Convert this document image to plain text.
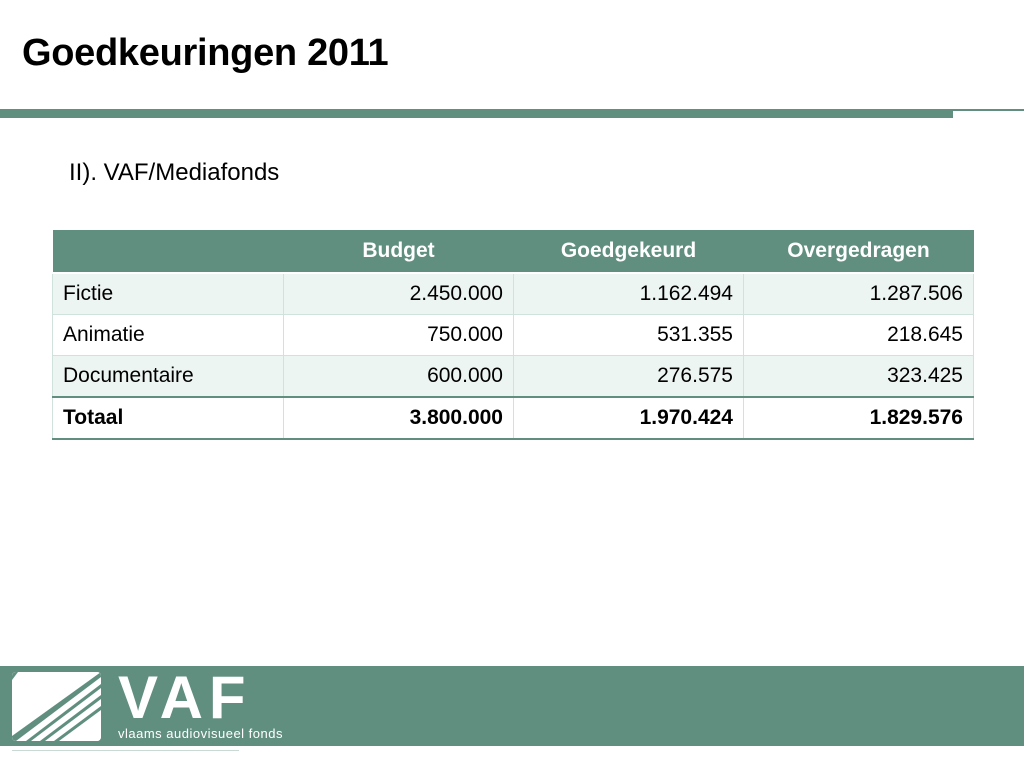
Goedkeuringen 2011
II). VAF/Mediafonds
	Budget	Goedgekeurd	Overgedragen
Fictie	2.450.000	1.162.494	1.287.506
Animatie	750.000	531.355	218.645
Documentaire	600.000	276.575	323.425
Totaal	3.800.000	1.970.424	1.829.576
VAF
vlaams audiovisueel fonds
